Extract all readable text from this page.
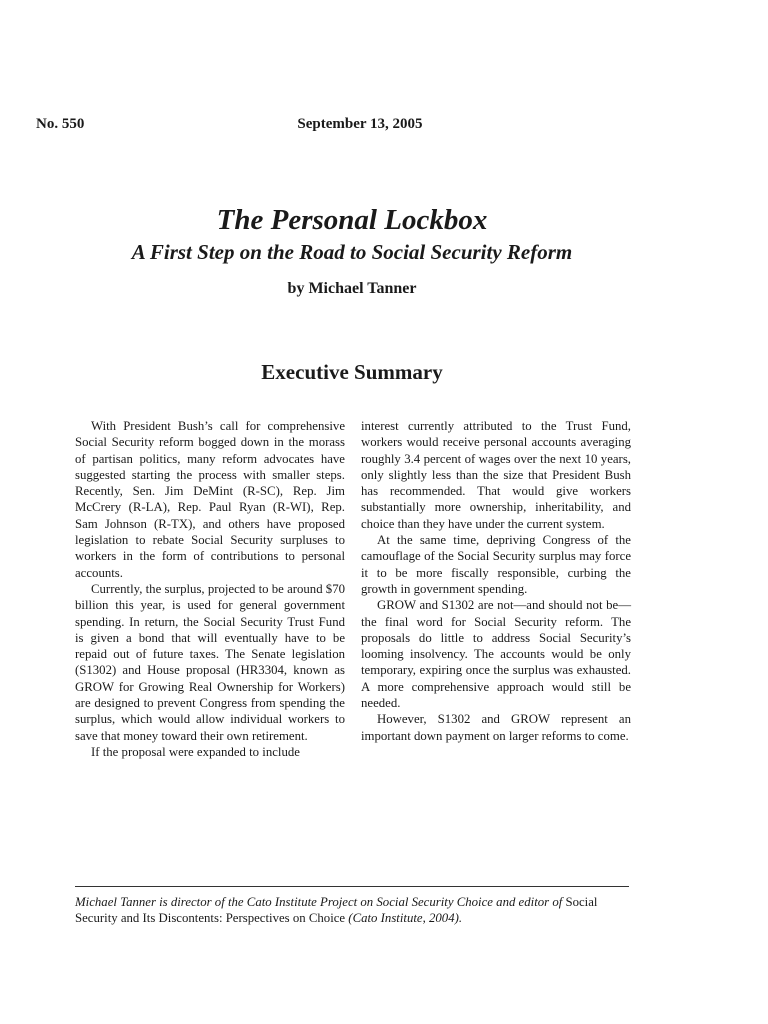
No. 550	September 13, 2005
The Personal Lockbox
A First Step on the Road to Social Security Reform
by Michael Tanner
Executive Summary

With President Bush’s call for comprehensive Social Security reform bogged down in the morass of partisan politics, many reform advocates have suggested starting the process with smaller steps. Recently, Sen. Jim DeMint (R-SC), Rep. Jim McCrery (R-LA), Rep. Paul Ryan (R-WI), Rep. Sam Johnson (R-TX), and others have proposed legislation to rebate Social Security surpluses to workers in the form of contributions to personal accounts.

Currently, the surplus, projected to be around $70 billion this year, is used for general government spending. In return, the Social Security Trust Fund is given a bond that will eventually have to be repaid out of future taxes. The Senate legislation (S1302) and House proposal (HR3304, known as GROW for Growing Real Ownership for Workers) are designed to prevent Congress from spending the surplus, which would allow individual workers to save that money toward their own retirement.

If the proposal were expanded to include

interest currently attributed to the Trust Fund, workers would receive personal accounts averaging roughly 3.4 percent of wages over the next 10 years, only slightly less than the size that President Bush has recommended. That would give workers substantially more ownership, inheritability, and choice than they have under the current system.

At the same time, depriving Congress of the camouflage of the Social Security surplus may force it to be more fiscally responsible, curbing the growth in government spending.

GROW and S1302 are not—and should not be—the final word for Social Security reform. The proposals do little to address Social Security’s looming insolvency. The accounts would be only temporary, expiring once the surplus was exhausted. A more comprehensive approach would still be needed.

However, S1302 and GROW represent an important down payment on larger reforms to come.

Michael Tanner is director of the Cato Institute Project on Social Security Choice and editor of Social Security and Its Discontents: Perspectives on Choice (Cato Institute, 2004).
